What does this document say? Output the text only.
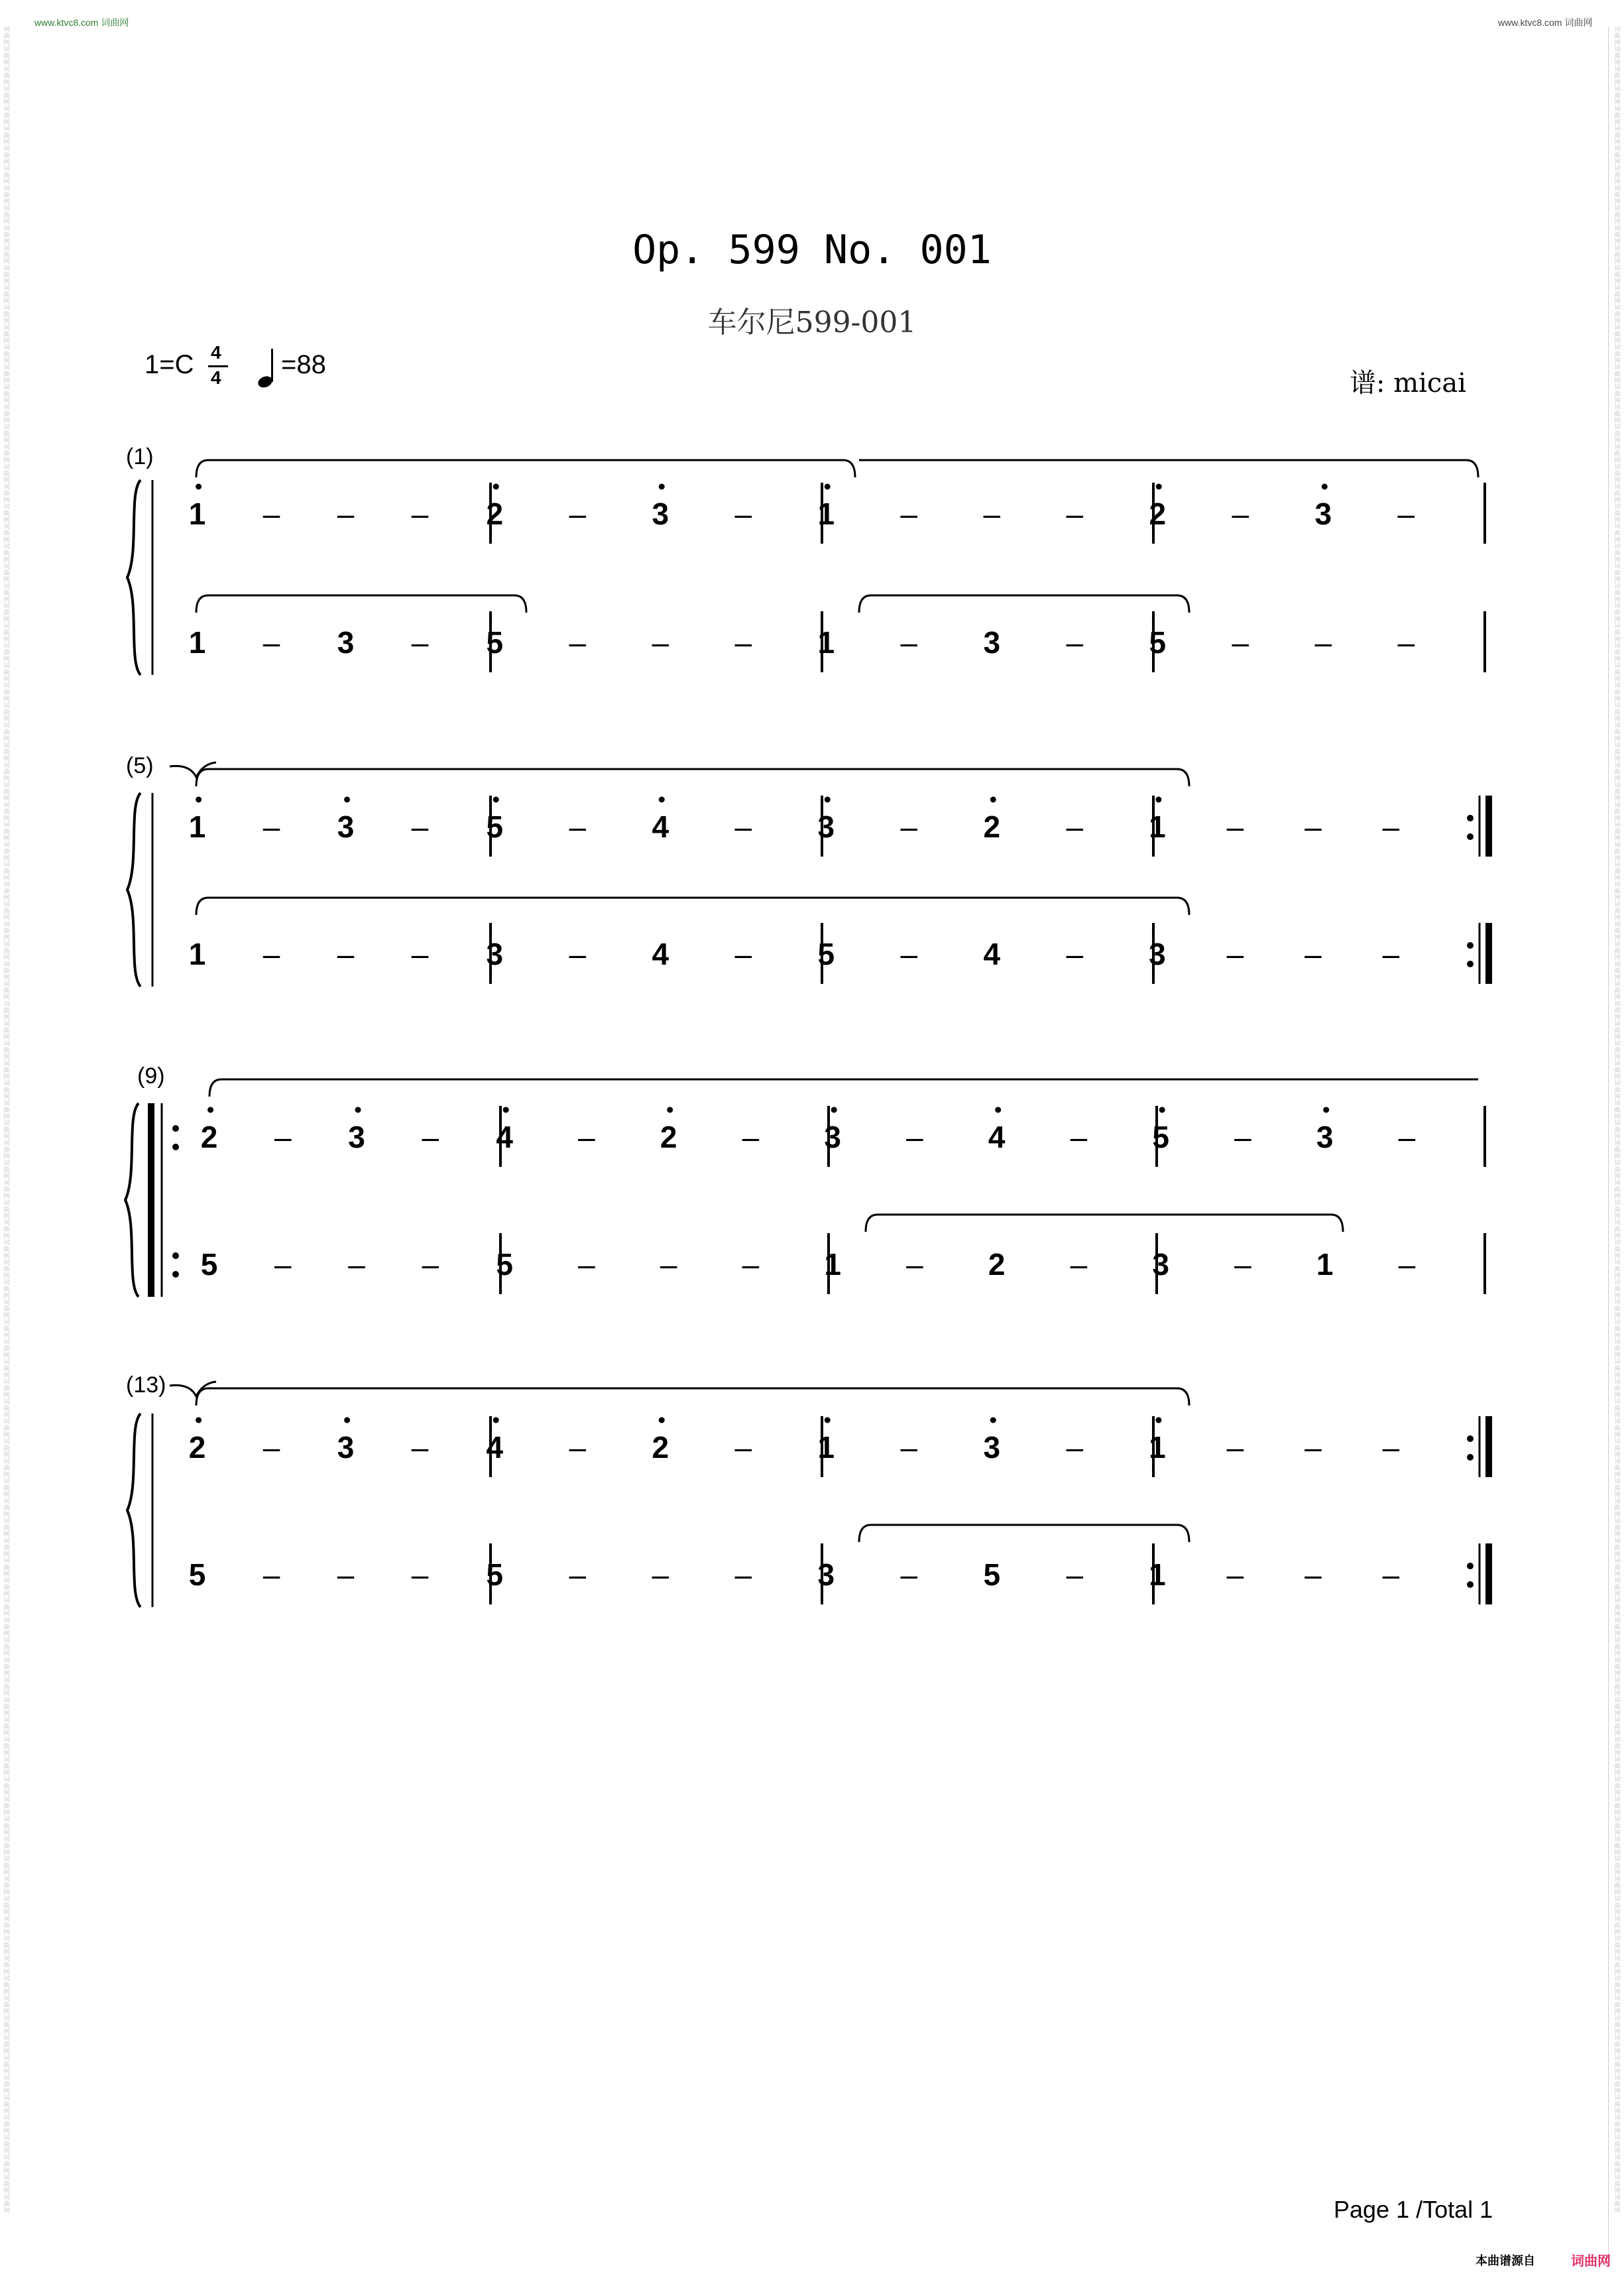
www.ktvc8.com 词曲网	www.ktvc8.com 词曲网
词
曲
网
词
曲
网
词
曲
网
词
曲
网
词
曲
网
词
曲
网
词
曲
网
词
曲
网
词
曲
网
词
曲
网
词
曲
网
词
曲
网
词
曲
网
词
曲
网
词
曲
网
词
曲
网
词
曲
网
词
曲
网
词
曲
网
词
曲
网
词
曲
网
词
曲
网
词
曲
网
词
曲
网
词
曲
网
词
曲
网
词
曲
网
词
曲
网
词
曲
网
词
曲
网
词
曲
网
词
曲
网
词
曲
网
词
曲
网
词
曲
网
词
曲
网
词
曲
网
词
曲
网
词
曲
网
词
曲
网
词
曲
网
词
曲
网
词
曲
网
词
曲
网
词
曲
网
词
曲
网
词
曲
网
词
曲
网
词
曲
网
词
曲
网
词
曲
网
词
曲
网
词
曲
网
词
曲
网
词
曲
网
词
曲
网
词
曲
网
词
曲
网
词
曲
网
词
曲
网
词
曲
网
词
曲
网
词
曲
网
词
曲
网
词
曲
网
词
曲
网
词
曲
网
词
曲
网
词
曲
网
词
曲
网
词
曲
网
词
曲
网
词
曲
网
词
曲
网
词
曲
网
词
曲
网
词
曲
网
词
曲
网
词
曲
网
词
曲
网
词
曲
网
词
曲
网
词
曲
网
词
曲
网
词
曲
网
词
曲
网
词
曲
网
词
曲
网
词
曲
网
词
曲
网
词
曲
网
词
曲
网
词
曲
网
词
曲
网
词
曲
网
词
曲
网
词
曲
网
词
曲
网
词
曲
网
词
曲
网
词
曲
网
词
曲
网
词
曲
网
词
曲
网
词
曲
网
词
曲
网
词
曲
网
词
曲
网
词
曲
网
词
曲
网
词
曲
网
词
曲
网
词
曲
网
词
曲
网
词
曲
网
词
曲
网
词
曲
网
词
曲
网
词
曲
网
词
曲
网
词
曲
网
词
曲
网
词
曲
网
词
曲
网
词
曲
网
词
曲
网
词
曲
网
词
曲
网
词
曲
网
词
曲
网
词
曲
网
词
曲
网
词
曲
网
词
曲
网
词
曲
网
词
曲
网
词
曲
网
词
曲
网
词
曲
网
词
曲
网
词
曲
网
词
曲
网
词
曲
网
词
曲
网
词
曲
网
词
曲
网
词
曲
网
词
曲
网
词
曲
网
词
曲
网
词
曲
网
词
曲
网
词
曲
网
词
曲
网
词
曲
网
词
曲
网
词
曲
网
词
曲
网
词
曲
网
词
曲
网
词
曲
网
词
曲
网
词
曲
网
词
曲
网
词
曲
网
词
曲
网
词
曲
网
词
曲
网
词
曲
网
词
曲
网
词
曲
网
词
曲
网
词
曲
网
词
曲
网
词
曲
网
词
曲
网
词
曲
网
词
曲
网
词
曲
网
词
曲
网
词
曲
网
词
曲
网
词
曲
网
词
曲
网
词
曲
网
词
曲
网
词
曲
网
词
曲
网
词
曲
网
词
曲
网
词
曲
网
词
曲
网
词
曲
网
词
曲
网
词
曲
网
词
曲
网
词
曲
网
词
曲
网
词
曲
网
词
曲
网
词
曲
网
词
曲
网
词
曲
网
词
曲
网
词
曲
网
词
曲
网
词
曲
网
词
曲
网
词
曲
网
词
曲
网
词
曲
网
词
曲
网
词
曲
网
词
曲
网
词
曲
网
词
曲
网
词
曲
网
词
曲
网
词
曲
网
词
曲
网
Op. 599 No. 001
车尔尼599-001
1=C 4
4 =88
谱: micai
(1)
(5)
(9)
(13)
1 – – – 2 – 3 – 1 – – – 2 – 3 –
1 – 3 – 5 – – – 1 – 3 – 5 – – –
1 – 3 – 5 – 4 – 3 – 2 – 1 – – –
1 – – – 3 – 4 – 5 – 4 – 3 – – –
2 – 3 – 4 – 2 – 3 – 4 – 5 – 3 –
5 – – – 5 – – – 1 – 2 – 3 – 1 –
2 – 3 – 4 – 2 – 1 – 3 – 1 – – –
5 – – – 5 – – – 3 – 5 – 1 – – –
Page 1 /Total 1
本曲谱源自	词曲网
